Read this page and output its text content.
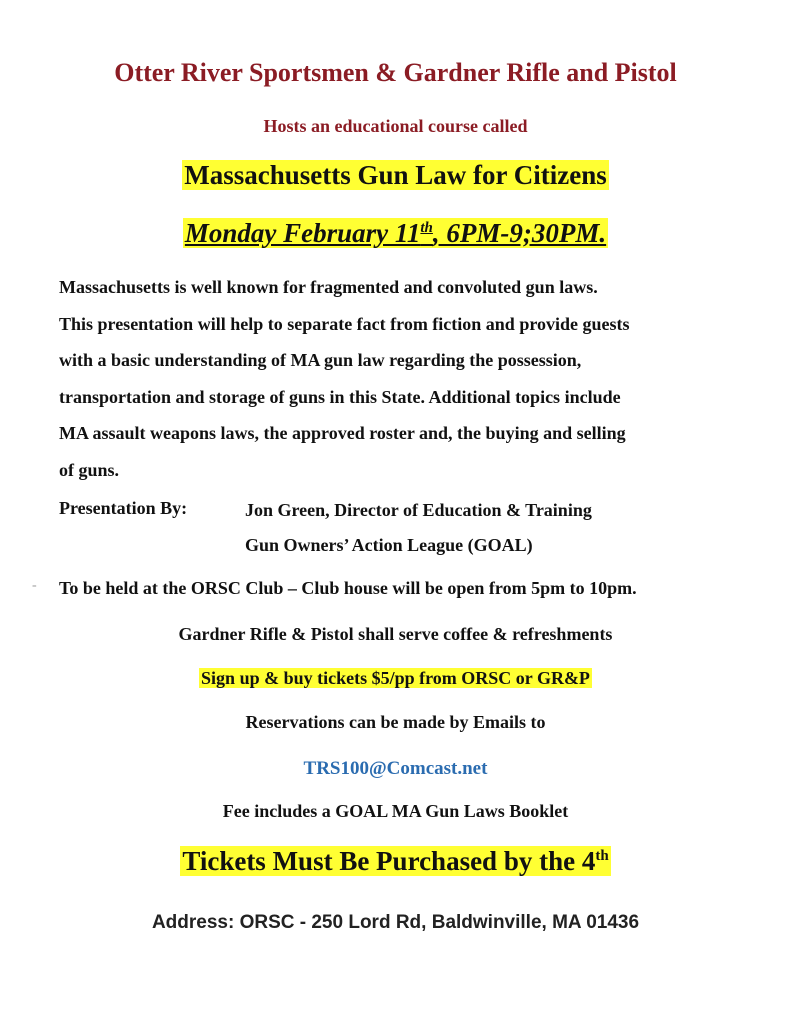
Otter River Sportsmen & Gardner Rifle and Pistol
Hosts an educational course called
Massachusetts Gun Law for Citizens
Monday February 11th, 6PM-9;30PM.

Massachusetts is well known for fragmented and convoluted gun laws.
This presentation will help to separate fact from fiction and provide guests
with a basic understanding of MA gun law regarding the possession,
transportation and storage of guns in this State. Additional topics include
MA assault weapons laws, the approved roster and, the buying and selling
of guns.

Presentation By:	Jon Green, Director of Education & Training
Gun Owners’ Action League (GOAL)
- To be held at the ORSC Club – Club house will be open from 5pm to 10pm.
Gardner Rifle & Pistol shall serve coffee & refreshments
Sign up & buy tickets $5/pp from ORSC or GR&P
Reservations can be made by Emails to
TRS100@Comcast.net
Fee includes a GOAL MA Gun Laws Booklet
Tickets Must Be Purchased by the 4th
Address: ORSC - 250 Lord Rd, Baldwinville, MA 01436
